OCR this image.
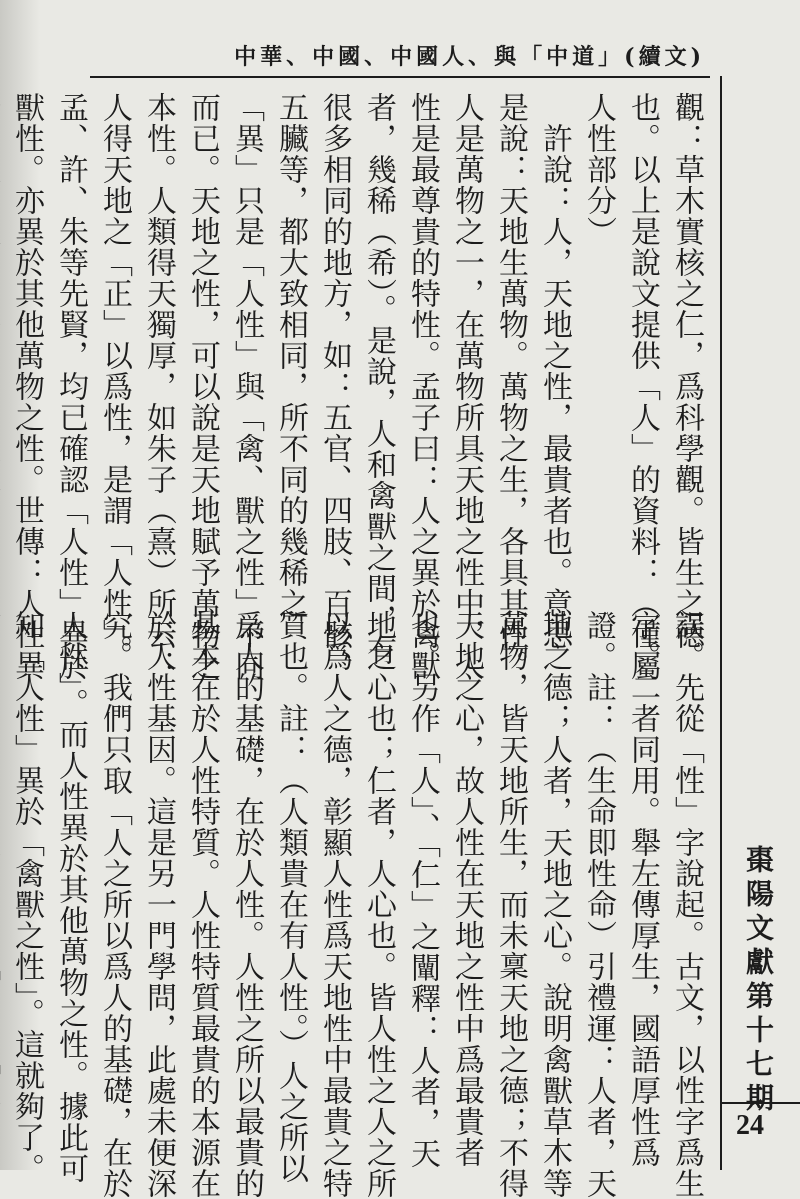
中華、中國、中國人、與「中道」(續文)
觀：草木實核之仁，爲科學觀。皆生之德
也。以上是說文提供「人」的資料：（僅屬
人性部分）
　許說：人，天地之性，最貴者也。意思
是說：天地生萬物。萬物之生，各具其性。
人是萬物之一，在萬物所具天地之性中，人
性是最尊貴的特性。孟子曰：人之異於禽獸
者，幾稀（希）。是說，人和禽獸之間，有
很多相同的地方，如：五官、四肢、百骸、
五臟等，都大致相同，所不同的幾稀之
「異」只是「人性」與「禽、獸之性」不同
而已。天地之性，可以說是天地賦予萬物之
本性。人類得天獨厚，如朱子（熹）所云：
人得天地之「正」以爲性，是謂「人性」。
孟、許、朱等先賢，均已確認「人性」異於
獸性。亦異於其他萬物之性。世傳：人性異
誤。先從「性」字說起。古文，以性字爲生
字。二者同用。舉左傳厚生，國語厚性爲
證。註：（生命即性命）引禮運：人者，天
地之德；人者，天地之心。說明禽獸草木等
萬物，皆天地所生，而未稟天地之德；不得
天地之心，故人性在天地之性中爲最貴者
也。另作「人」、「仁」之闡釋：人者，天
地之心也；仁者，人心也。皆人性之人之所
以爲人之德，彰顯人性爲天地性中最貴之特
質也。註：（人類貴在有人性。）人之所以
爲人的基礎，在於人性。人性之所以最貴的
基本在於人性特質。人性特質最貴的本源在
於人性基因。這是另一門學問，此處未便深
究。我們只取「人之所以爲人的基礎，在於
人性」。而人性異於其他萬物之性。據此可
知「人性」異於「禽獸之性」。這就夠了。	棗陽文獻第十七期
24
